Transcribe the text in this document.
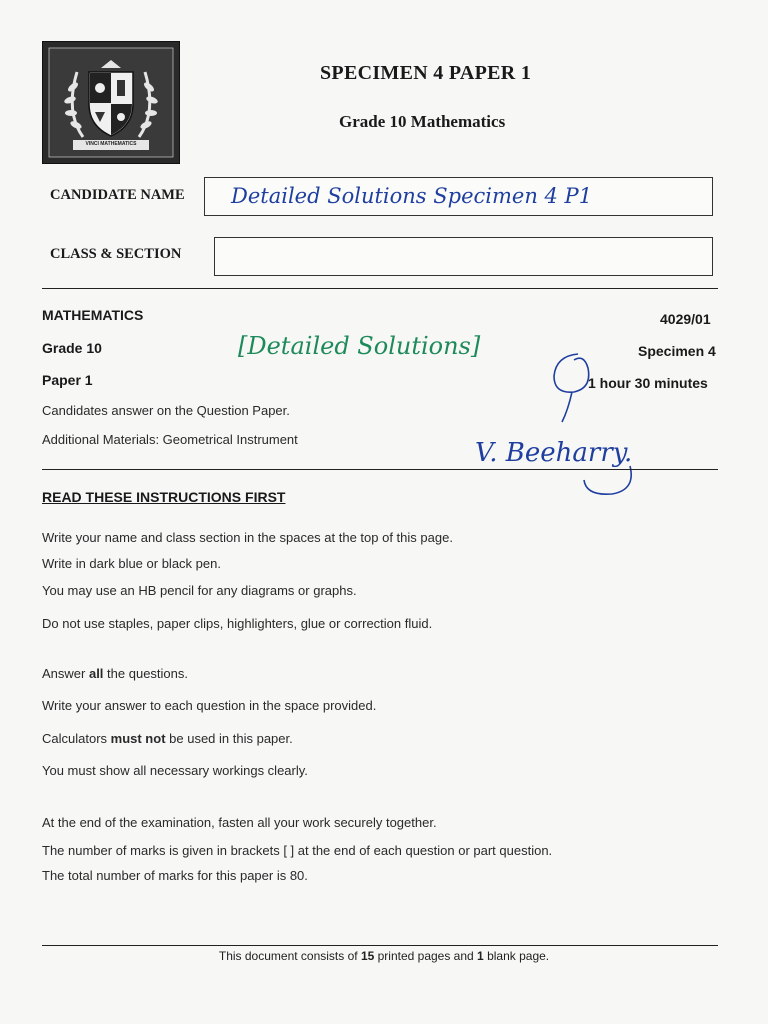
VINCI MATHEMATICS
SPECIMEN 4 PAPER 1
Grade 10 Mathematics
CANDIDATE NAME Detailed Solutions Specimen 4 P1
CLASS & SECTION
MATHEMATICS	4029/01
Grade 10	[Detailed Solutions]	Specimen 4
Paper 1	1 hour 30 minutes
Candidates answer on the Question Paper.
Additional Materials: Geometrical Instrument	V. Beeharry.
READ THESE INSTRUCTIONS FIRST
Write your name and class section in the spaces at the top of this page.
Write in dark blue or black pen.
You may use an HB pencil for any diagrams or graphs.
Do not use staples, paper clips, highlighters, glue or correction fluid.
Answer all the questions.
Write your answer to each question in the space provided.
Calculators must not be used in this paper.
You must show all necessary workings clearly.
At the end of the examination, fasten all your work securely together.
The number of marks is given in brackets [ ] at the end of each question or part question.
The total number of marks for this paper is 80.
This document consists of 15 printed pages and 1 blank page.
